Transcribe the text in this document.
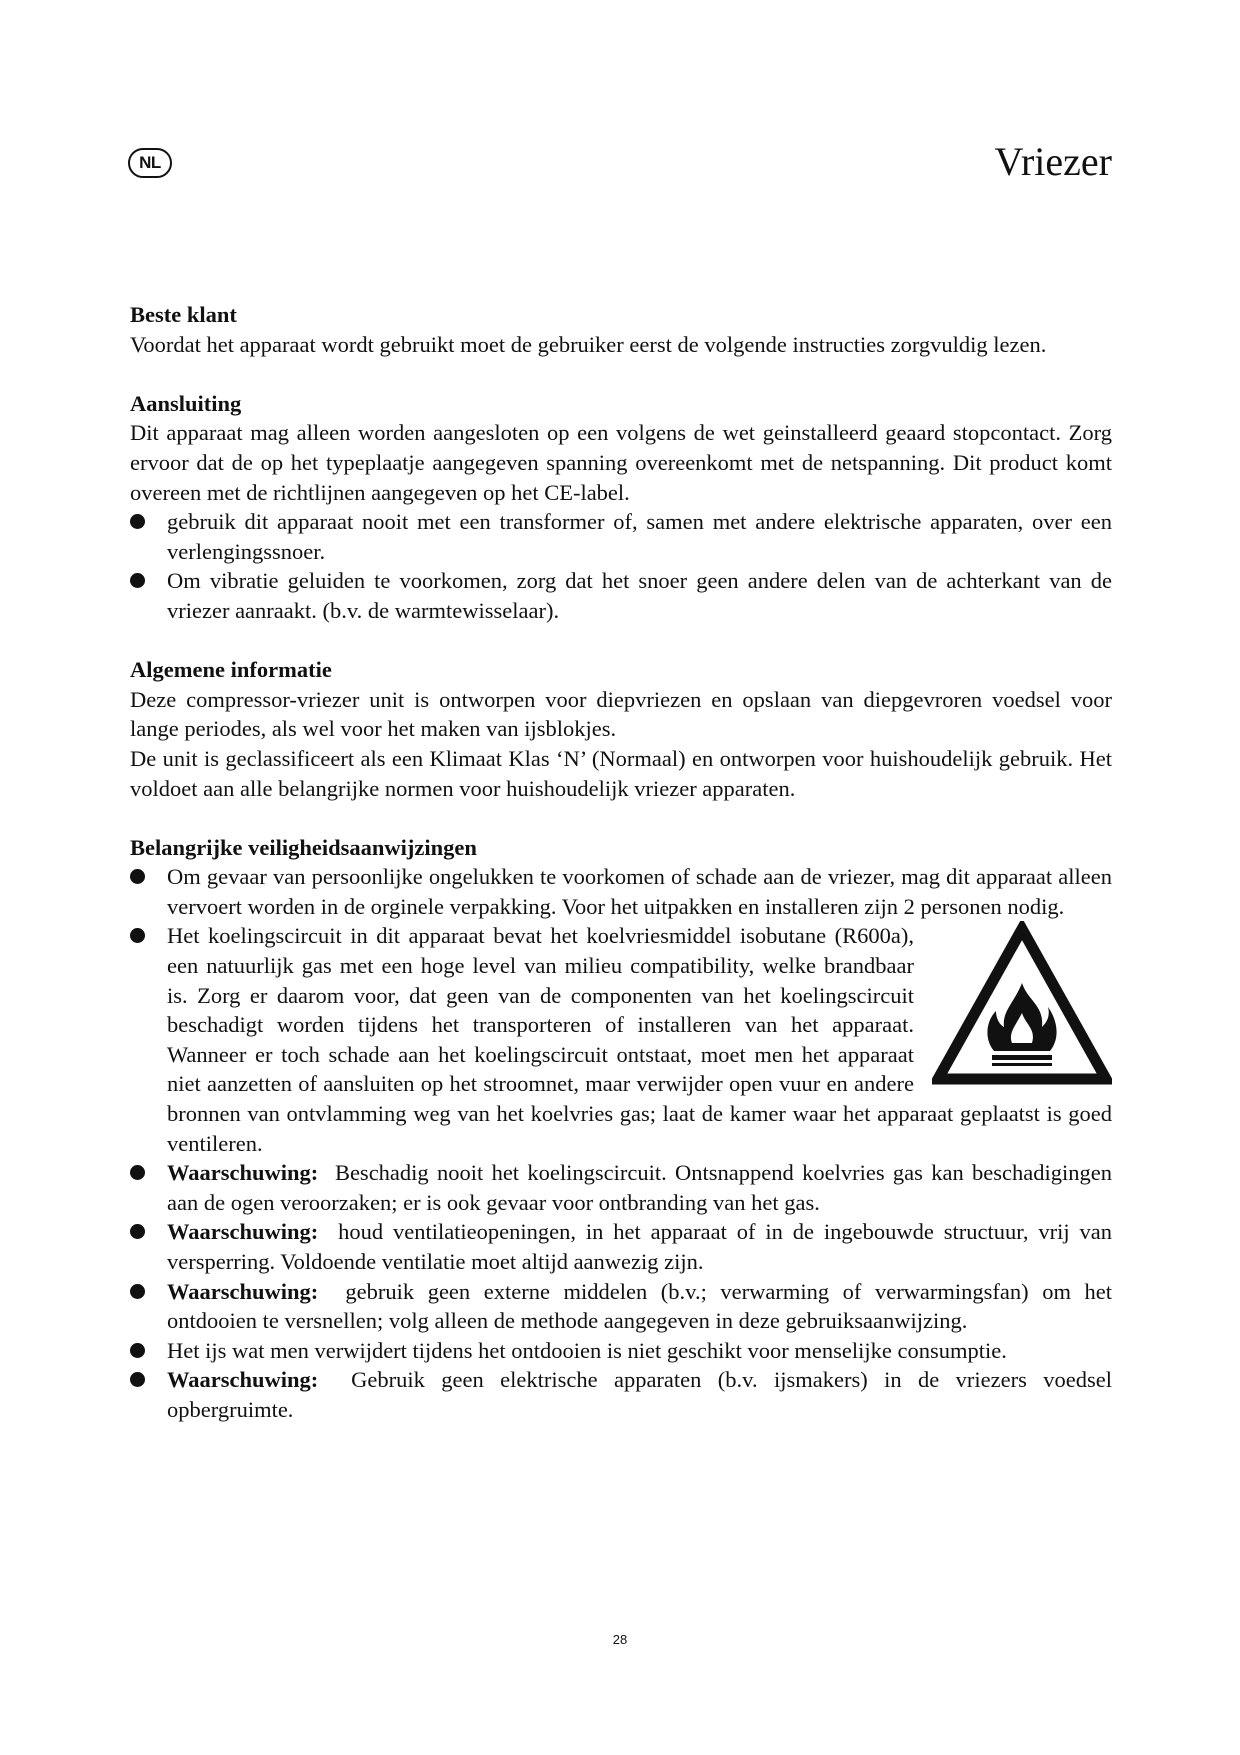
NL	Vriezer
Beste klant

Voordat het apparaat wordt gebruikt moet de gebruiker eerst de volgende instructies zorgvuldig lezen.

Aansluiting

Dit apparaat mag alleen worden aangesloten op een volgens de wet geinstalleerd geaard stopcontact. Zorg ervoor dat de op het typeplaatje aangegeven spanning overeenkomt met de netspanning. Dit product komt overeen met de richtlijnen aangegeven op het CE-label.

gebruik dit apparaat nooit met een transformer of, samen met andere elektrische apparaten, over een verlengingssnoer.
Om vibratie geluiden te voorkomen, zorg dat het snoer geen andere delen van de achterkant van de vriezer aanraakt. (b.v. de warmtewisselaar).
Algemene informatie

Deze compressor-vriezer unit is ontworpen voor diepvriezen en opslaan van diepgevroren voedsel voor lange periodes, als wel voor het maken van ijsblokjes.

De unit is geclassificeert als een Klimaat Klas ‘N’ (Normaal) en ontworpen voor huishoudelijk gebruik. Het voldoet aan alle belangrijke normen voor huishoudelijk vriezer apparaten.

Belangrijke veiligheidsaanwijzingen
Om gevaar van persoonlijke ongelukken te voorkomen of schade aan de vriezer, mag dit apparaat alleen vervoert worden in de orginele verpakking. Voor het uitpakken en installeren zijn 2 personen nodig.
Het koelingscircuit in dit apparaat bevat het koelvriesmiddel isobutane (R600a), een natuurlijk gas met een hoge level van milieu compatibility, welke brandbaar is. Zorg er daarom voor, dat geen van de componenten van het koelingscircuit beschadigt worden tijdens het transporteren of installeren van het apparaat. Wanneer er toch schade aan het koelingscircuit ontstaat, moet men het apparaat niet aanzetten of aansluiten op het stroomnet, maar verwijder open vuur en andere bronnen van ontvlamming weg van het koelvries gas; laat de kamer waar het apparaat geplaatst is goed ventileren.
Waarschuwing: Beschadig nooit het koelingscircuit. Ontsnappend koelvries gas kan beschadigingen aan de ogen veroorzaken; er is ook gevaar voor ontbranding van het gas.
Waarschuwing: houd ventilatieopeningen, in het apparaat of in de ingebouwde structuur, vrij van versperring. Voldoende ventilatie moet altijd aanwezig zijn.
Waarschuwing: gebruik geen externe middelen (b.v.; verwarming of verwarmingsfan) om het ontdooien te versnellen; volg alleen de methode aangegeven in deze gebruiksaanwijzing.
Het ijs wat men verwijdert tijdens het ontdooien is niet geschikt voor menselijke consumptie.
Waarschuwing: Gebruik geen elektrische apparaten (b.v. ijsmakers) in de vriezers voedsel opbergruimte.
28
